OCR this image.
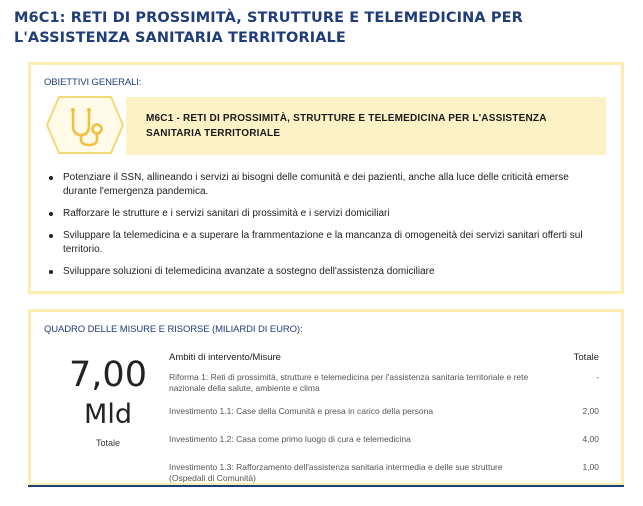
M6C1: RETI DI PROSSIMITÀ, STRUTTURE E TELEMEDICINA PER L'ASSISTENZA SANITARIA TERRITORIALE
OBIETTIVI GENERALI:
M6C1 - RETI DI PROSSIMITÀ, STRUTTURE E TELEMEDICINA PER L'ASSISTENZA SANITARIA TERRITORIALE
Potenziare il SSN, allineando i servizi ai bisogni delle comunità e dei pazienti, anche alla luce delle criticità emerse durante l'emergenza pandemica.
Rafforzare le strutture e i servizi sanitari di prossimità e i servizi domiciliari
Sviluppare la telemedicina e a superare la frammentazione e la mancanza di omogeneità dei servizi sanitari offerti sul territorio.
Sviluppare soluzioni di telemedicina avanzate a sostegno dell'assistenza domiciliare
QUADRO DELLE MISURE E RISORSE (MILIARDI DI EURO):
7,00
Mld
Totale
Ambiti di intervento/Misure	Totale
Riforma 1: Reti di prossimità, strutture e telemedicina per l'assistenza sanitaria territoriale e rete nazionale della salute, ambiente e clima	-
Investimento 1.1: Case della Comunità e presa in carico della persona	2,00
Investimento 1.2: Casa come primo luogo di cura e telemedicina	4,00
Investimento 1.3: Rafforzamento dell'assistenza sanitaria intermedia e delle sue strutture (Ospedali di Comunità)	1,00
